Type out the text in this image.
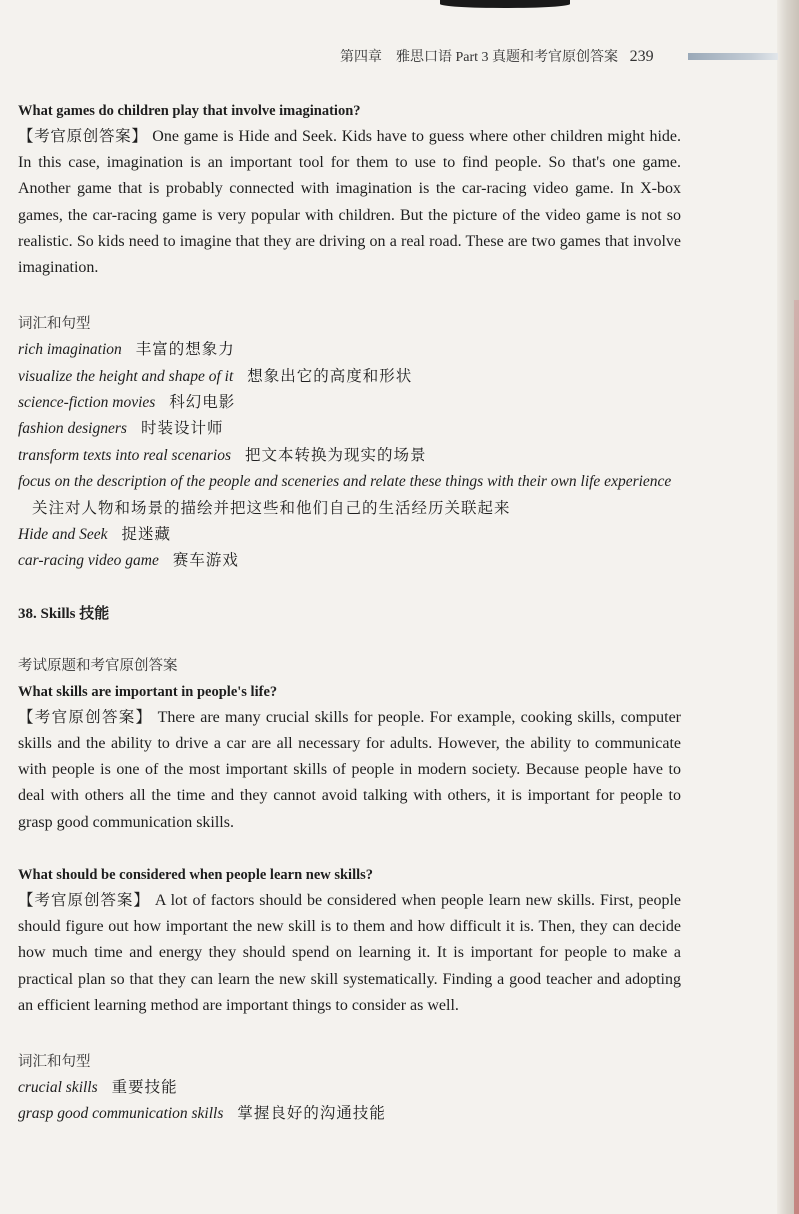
第四章　雅思口语 Part 3 真题和考官原创答案 239

What games do children play that involve imagination?

【考官原创答案】 One game is Hide and Seek. Kids have to guess where other children might hide. In this case, imagination is an important tool for them to use to find people. So that's one game. Another game that is probably connected with imagination is the car-racing video game. In X-box games, the car-racing game is very popular with children. But the picture of the video game is not so realistic. So kids need to imagine that they are driving on a real road. These are two games that involve imagination.

词汇和句型

rich imagination 丰富的想象力

visualize the height and shape of it 想象出它的高度和形状

science-fiction movies 科幻电影

fashion designers 时装设计师

transform texts into real scenarios 把文本转换为现实的场景

focus on the description of the people and sceneries and relate these things with their own life experience关注对人物和场景的描绘并把这些和他们自己的生活经历关联起来

Hide and Seek 捉迷藏

car-racing video game 赛车游戏

38. Skills 技能

考试原题和考官原创答案

What skills are important in people's life?

【考官原创答案】 There are many crucial skills for people. For example, cooking skills, computer skills and the ability to drive a car are all necessary for adults. However, the ability to communicate with people is one of the most important skills of people in modern society. Because people have to deal with others all the time and they cannot avoid talking with others, it is important for people to grasp good communication skills.

What should be considered when people learn new skills?

【考官原创答案】 A lot of factors should be considered when people learn new skills. First, people should figure out how important the new skill is to them and how difficult it is. Then, they can decide how much time and energy they should spend on learning it. It is important for people to make a practical plan so that they can learn the new skill systematically. Finding a good teacher and adopting an efficient learning method are important things to consider as well.

词汇和句型

crucial skills 重要技能

grasp good communication skills 掌握良好的沟通技能
